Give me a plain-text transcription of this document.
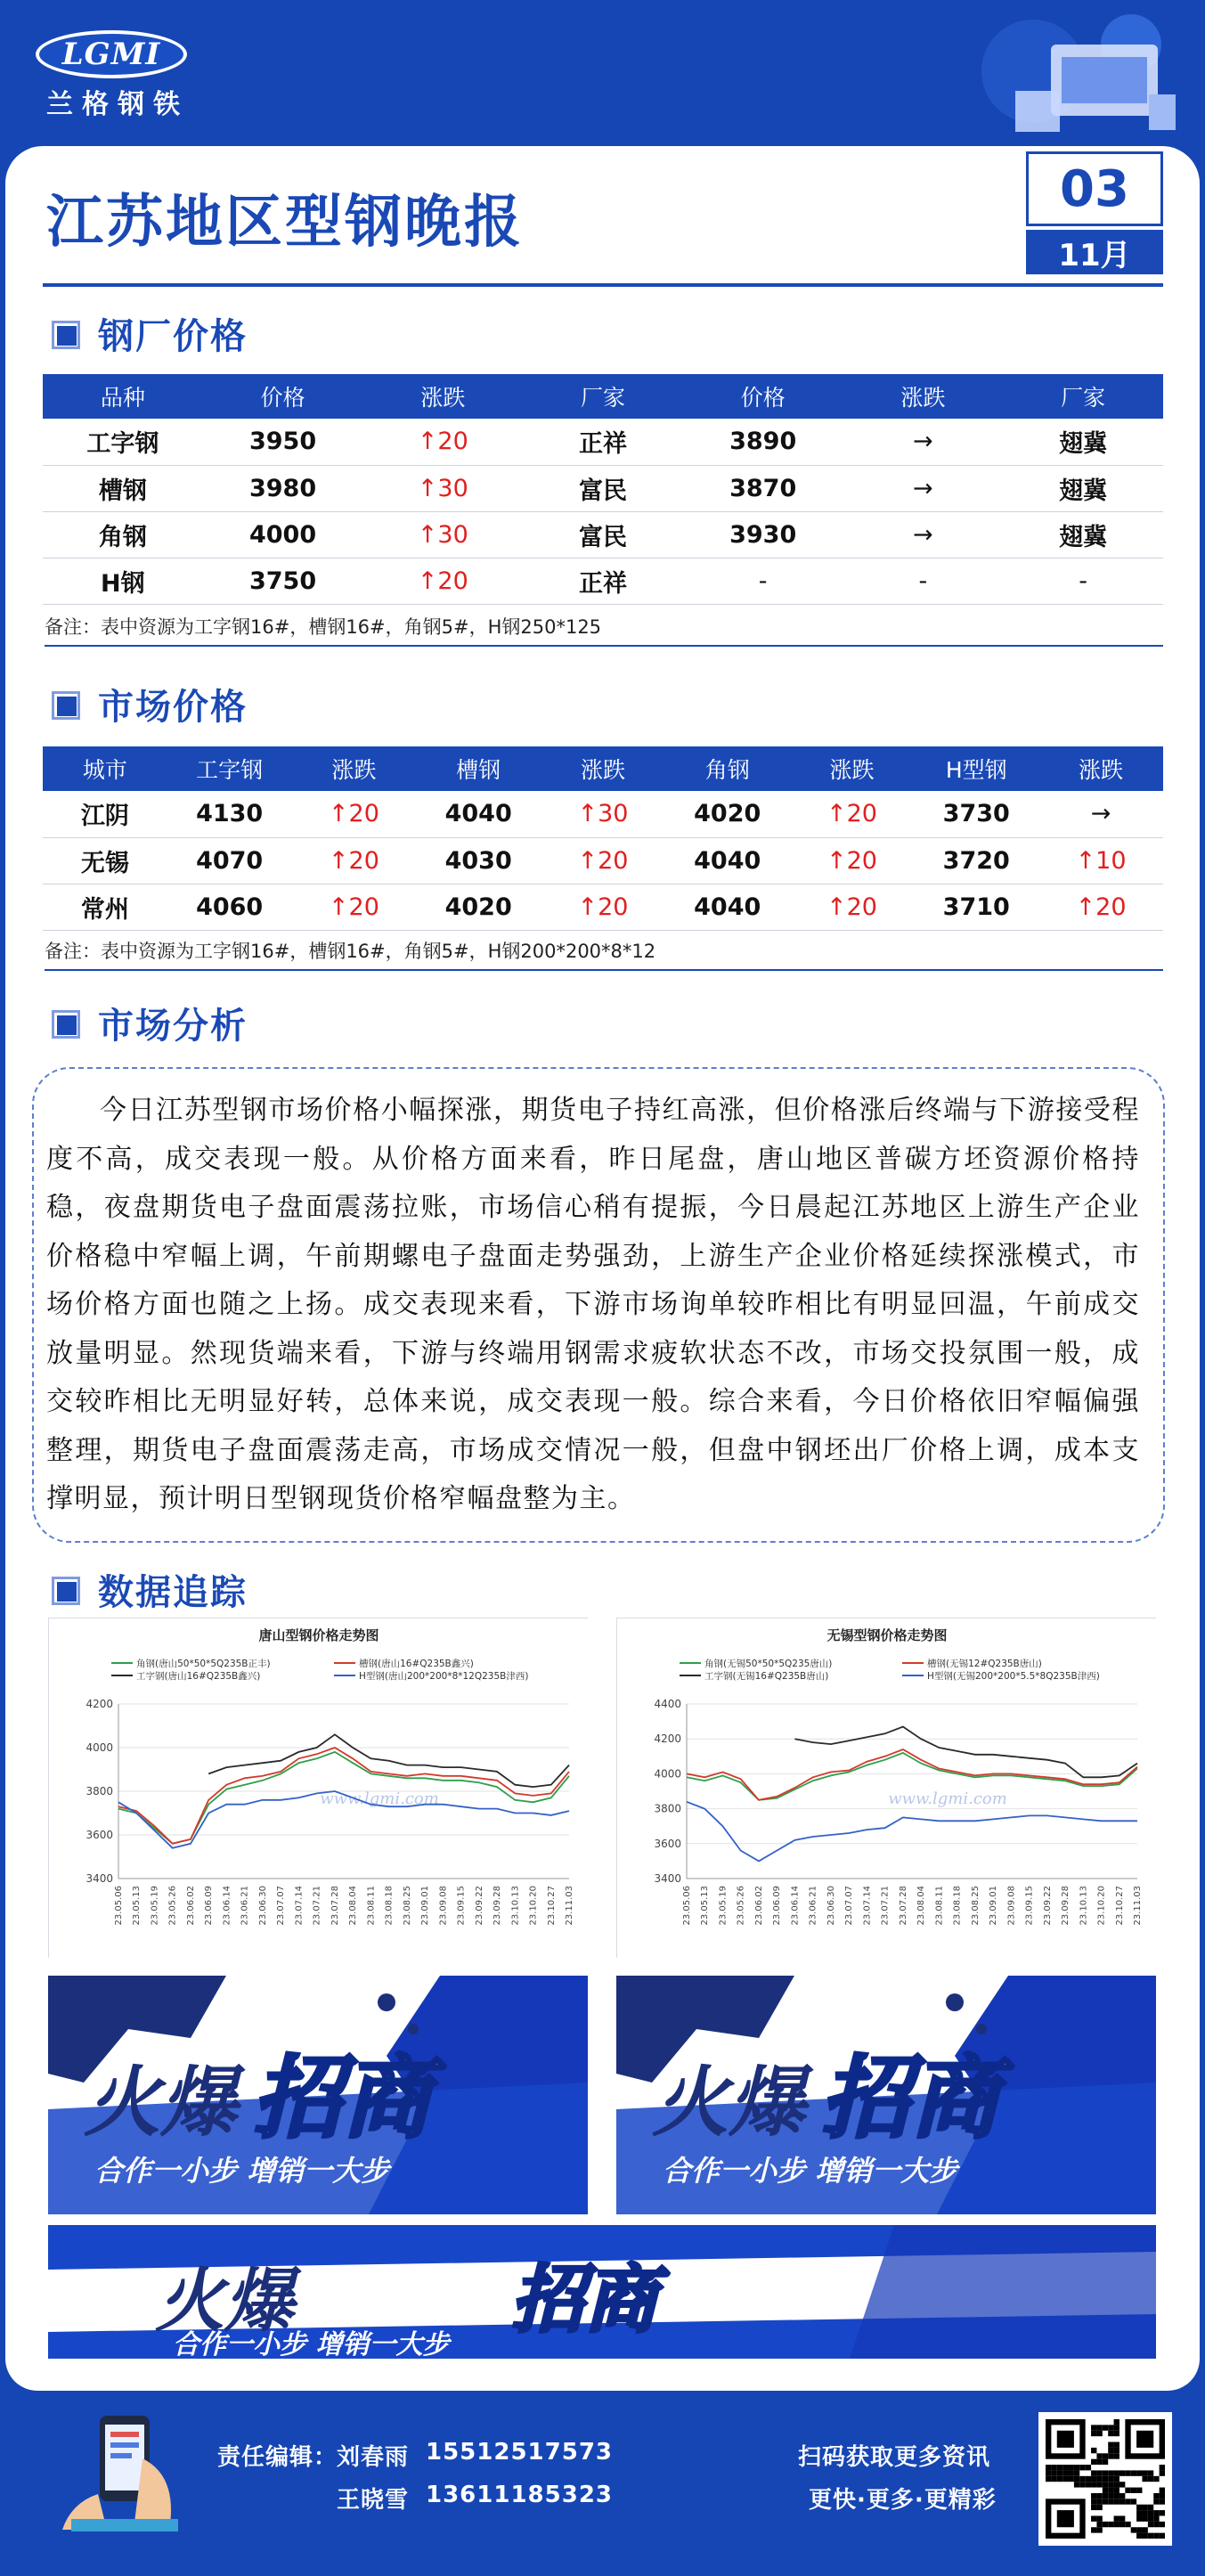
LGMI
兰格钢铁
江苏地区型钢晚报
03
11月
钢厂价格
品种	价格	涨跌	厂家	价格	涨跌	厂家
工字钢	3950	↑20	正祥	3890	→	翅冀
槽钢	3980	↑30	富民	3870	→	翅冀
角钢	4000	↑30	富民	3930	→	翅冀
H钢	3750	↑20	正祥	-	-	-
备注：表中资源为工字钢16#，槽钢16#，角钢5#，H钢250*125
市场价格
城市	工字钢	涨跌	槽钢	涨跌	角钢	涨跌	H型钢	涨跌
江阴	4130	↑20	4040	↑30	4020	↑20	3730	→
无锡	4070	↑20	4030	↑20	4040	↑20	3720	↑10
常州	4060	↑20	4020	↑20	4040	↑20	3710	↑20
备注：表中资源为工字钢16#，槽钢16#，角钢5#，H钢200*200*8*12
市场分析

今日江苏型钢市场价格小幅探涨，期货电子持红高涨，但价格涨后终端与下游接受程度不高，成交表现一般。从价格方面来看，昨日尾盘，唐山地区普碳方坯资源价格持稳，夜盘期货电子盘面震荡拉账，市场信心稍有提振，今日晨起江苏地区上游生产企业价格稳中窄幅上调，午前期螺电子盘面走势强劲，上游生产企业价格延续探涨模式，市场价格方面也随之上扬。成交表现来看，下游市场询单较昨相比有明显回温，午前成交放量明显。然现货端来看，下游与终端用钢需求疲软状态不改，市场交投氛围一般，成交较昨相比无明显好转，总体来说，成交表现一般。综合来看，今日价格依旧窄幅偏强整理，期货电子盘面震荡走高，市场成交情况一般，但盘中钢坯出厂价格上调，成本支撑明显，预计明日型钢现货价格窄幅盘整为主。

数据追踪
唐山型钢价格走势图
角钢(唐山50*50*5Q235B正丰)	槽钢(唐山16#Q235B鑫兴)
工字钢(唐山16#Q235B鑫兴)	H型钢(唐山200*200*8*12Q235B津西)
3400
3600
3800
4000
4200
23.05.06 23.05.13 23.05.19 23.05.26 23.06.02 23.06.09 23.06.14 23.06.21 23.06.30 23.07.07 23.07.14 23.07.21 23.07.28 23.08.04 23.08.11 23.08.18 23.08.25 23.09.01 23.09.08 23.09.15 23.09.22 23.09.28 23.10.13 23.10.20 23.10.27 23.11.03
www.lgmi.com
无锡型钢价格走势图
角钢(无锡50*50*5Q235唐山)	槽钢(无锡12#Q235B唐山)
工字钢(无锡16#Q235B唐山)	H型钢(无锡200*200*5.5*8Q235B津西)
3400
3600
3800
4000
4200
4400
23.05.06 23.05.13 23.05.19 23.05.26 23.06.02 23.06.09 23.06.14 23.06.21 23.06.30 23.07.07 23.07.14 23.07.21 23.07.28 23.08.04 23.08.11 23.08.18 23.08.25 23.09.01 23.09.08 23.09.15 23.09.22 23.09.28 23.10.13 23.10.20 23.10.27 23.11.03
www.lgmi.com
火爆 招商
合作一小步 增销一大步
火爆 招商
合作一小步 增销一大步
火爆	招商
合作一小步 增销一大步
责任编辑：
刘春雨 15512517573
王晓雪 13611185323
扫码获取更多资讯
更快·更多·更精彩
